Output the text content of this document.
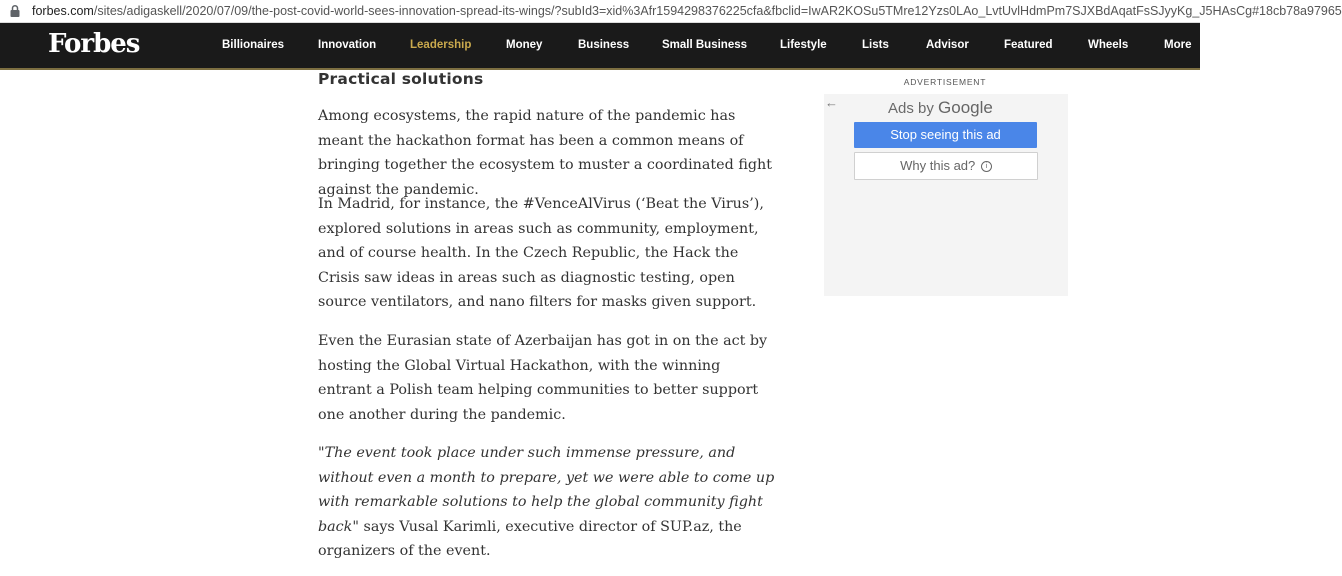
forbes.com/sites/adigaskell/2020/07/09/the-post-covid-world-sees-innovation-spread-its-wings/?subId3=xid%3Afr1594298376225cfa&fbclid=IwAR2KOSu5TMre12Yzs0LAo_LvtUvlHdmPm7SJXBdAqatFsSJyyKg_J5HAsCg#18cb78a97965
Forbes	Billionaires	Innovation	Leadership	Money	Business	Small Business	Lifestyle	Lists	Advisor	Featured	Wheels	More
Practical solutions
Among ecosystems, the rapid nature of the pandemic has meant the hackathon format has been a common means of bringing together the ecosystem to muster a coordinated fight against the pandemic.
In Madrid, for instance, the #VenceAlVirus (‘Beat the Virus’), explored solutions in areas such as community, employment, and of course health. In the Czech Republic, the Hack the Crisis saw ideas in areas such as diagnostic testing, open source ventilators, and nano filters for masks given support.
Even the Eurasian state of Azerbaijan has got in on the act by hosting the Global Virtual Hackathon, with the winning entrant a Polish team helping communities to better support one another during the pandemic.
"The event took place under such immense pressure, and without even a month to prepare, yet we were able to come up with remarkable solutions to help the global community fight back" says Vusal Karimli, executive director of SUP.az, the organizers of the event.
ADVERTISEMENT
←	Ads by Google
Stop seeing this ad
Why this ad? i
